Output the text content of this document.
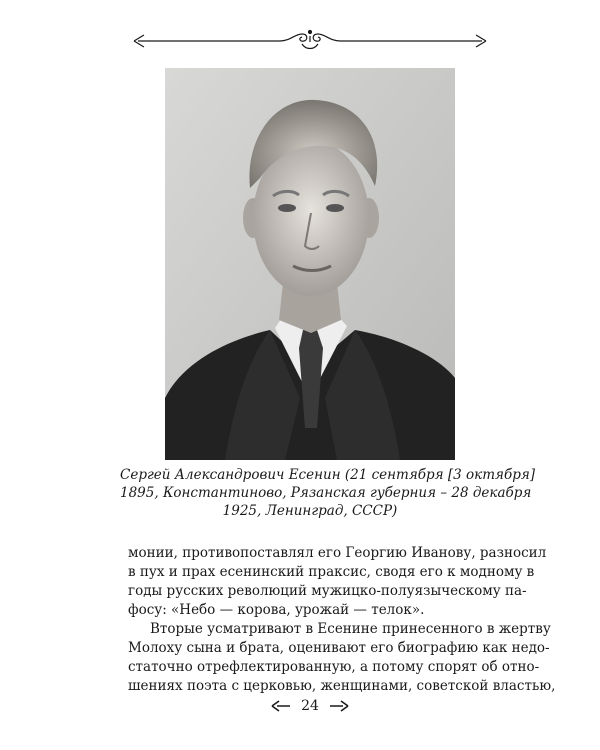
Сергей Александрович Есенин (21 сентября [3 октября]
1895, Константиново, Рязанская губерния – 28 декабря
1925, Ленинград, СССР)
монии, противопоставлял его Георгию Иванову, разносил
в пух и прах есенинский праксис, сводя его к модному в
годы русских революций мужицко-полуязыческому па-
фосу: «Небо — корова, урожай — телок».
Вторые усматривают в Есенине принесенного в жертву
Молоху сына и брата, оценивают его биографию как недо-
статочно отрефлектированную, а потому спорят об отно-
шениях поэта с церковью, женщинами, советской властью,
24
